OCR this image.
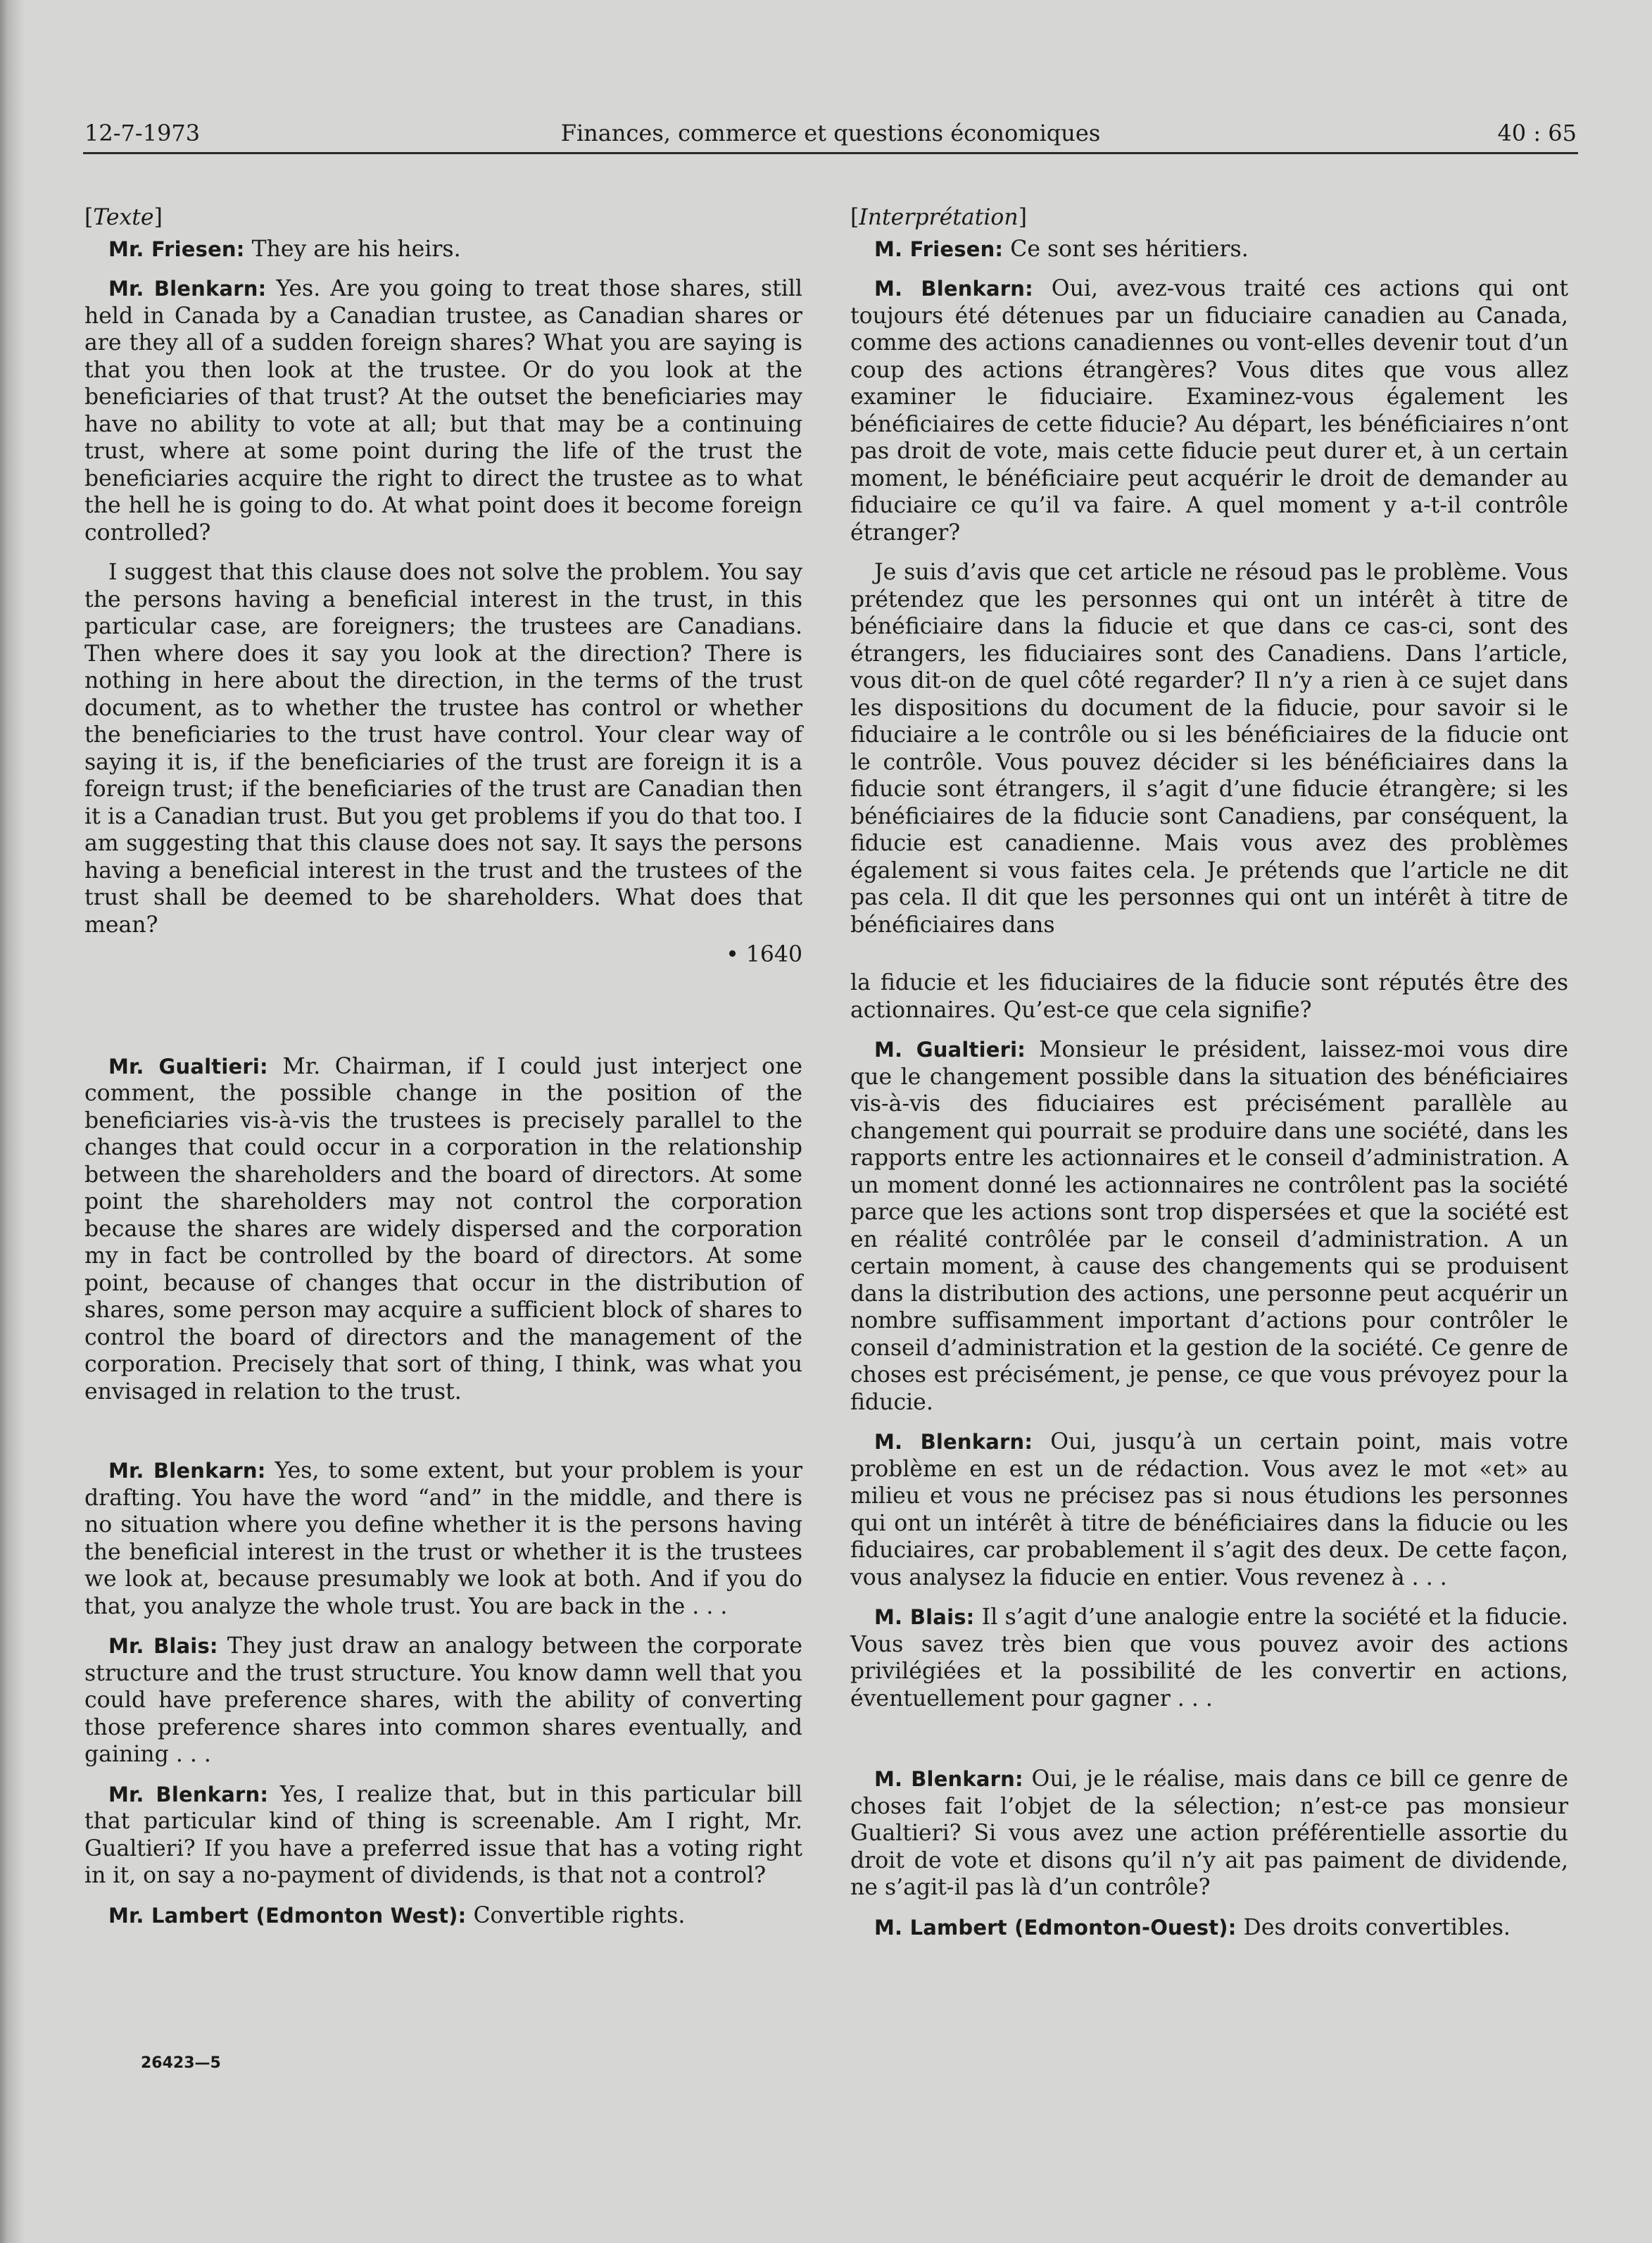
12-7-1973	Finances, commerce et questions économiques	40 : 65
[Texte]

Mr. Friesen: They are his heirs.

Mr. Blenkarn: Yes. Are you going to treat those shares, still held in Canada by a Canadian trustee, as Canadian shares or are they all of a sudden foreign shares? What you are saying is that you then look at the trustee. Or do you look at the beneficiaries of that trust? At the outset the beneficiaries may have no ability to vote at all; but that may be a continuing trust, where at some point during the life of the trust the beneficiaries acquire the right to direct the trustee as to what the hell he is going to do. At what point does it become foreign controlled?

I suggest that this clause does not solve the problem. You say the persons having a beneficial interest in the trust, in this particular case, are foreigners; the trustees are Canadians. Then where does it say you look at the direction? There is nothing in here about the direction, in the terms of the trust document, as to whether the trustee has control or whether the beneficiaries to the trust have control. Your clear way of saying it is, if the beneficiaries of the trust are foreign it is a foreign trust; if the beneficiaries of the trust are Canadian then it is a Canadian trust. But you get problems if you do that too. I am suggesting that this clause does not say. It says the persons having a beneficial interest in the trust and the trustees of the trust shall be deemed to be shareholders. What does that mean?

• 1640

Mr. Gualtieri: Mr. Chairman, if I could just interject one comment, the possible change in the position of the beneficiaries vis-à-vis the trustees is precisely parallel to the changes that could occur in a corporation in the relationship between the shareholders and the board of directors. At some point the shareholders may not control the corporation because the shares are widely dispersed and the corporation my in fact be controlled by the board of directors. At some point, because of changes that occur in the distribution of shares, some person may acquire a sufficient block of shares to control the board of directors and the management of the corporation. Precisely that sort of thing, I think, was what you envisaged in relation to the trust.

Mr. Blenkarn: Yes, to some extent, but your problem is your drafting. You have the word “and” in the middle, and there is no situation where you define whether it is the persons having the beneficial interest in the trust or whether it is the trustees we look at, because presumably we look at both. And if you do that, you analyze the whole trust. You are back in the . . .

Mr. Blais: They just draw an analogy between the corporate structure and the trust structure. You know damn well that you could have preference shares, with the ability of converting those preference shares into common shares eventually, and gaining . . .

Mr. Blenkarn: Yes, I realize that, but in this particular bill that particular kind of thing is screenable. Am I right, Mr. Gualtieri? If you have a preferred issue that has a voting right in it, on say a no-payment of dividends, is that not a control?

Mr. Lambert (Edmonton West): Convertible rights.

[Interprétation]

M. Friesen: Ce sont ses héritiers.

M. Blenkarn: Oui, avez-vous traité ces actions qui ont toujours été détenues par un fiduciaire canadien au Canada, comme des actions canadiennes ou vont-elles devenir tout d’un coup des actions étrangères? Vous dites que vous allez examiner le fiduciaire. Examinez-vous également les bénéficiaires de cette fiducie? Au départ, les bénéficiaires n’ont pas droit de vote, mais cette fiducie peut durer et, à un certain moment, le bénéficiaire peut acquérir le droit de demander au fiduciaire ce qu’il va faire. A quel moment y a-t-il contrôle étranger?

Je suis d’avis que cet article ne résoud pas le problème. Vous prétendez que les personnes qui ont un intérêt à titre de bénéficiaire dans la fiducie et que dans ce cas-ci, sont des étrangers, les fiduciaires sont des Canadiens. Dans l’article, vous dit-on de quel côté regarder? Il n’y a rien à ce sujet dans les dispositions du document de la fiducie, pour savoir si le fiduciaire a le contrôle ou si les bénéficiaires de la fiducie ont le contrôle. Vous pouvez décider si les bénéficiaires dans la fiducie sont étrangers, il s’agit d’une fiducie étrangère; si les bénéficiaires de la fiducie sont Canadiens, par conséquent, la fiducie est canadienne. Mais vous avez des problèmes également si vous faites cela. Je prétends que l’article ne dit pas cela. Il dit que les personnes qui ont un intérêt à titre de bénéficiaires dans

la fiducie et les fiduciaires de la fiducie sont réputés être des actionnaires. Qu’est-ce que cela signifie?

M. Gualtieri: Monsieur le président, laissez-moi vous dire que le changement possible dans la situation des bénéficiaires vis-à-vis des fiduciaires est précisément parallèle au changement qui pourrait se produire dans une société, dans les rapports entre les actionnaires et le conseil d’administration. A un moment donné les actionnaires ne contrôlent pas la société parce que les actions sont trop dispersées et que la société est en réalité contrôlée par le conseil d’administration. A un certain moment, à cause des changements qui se produisent dans la distribution des actions, une personne peut acquérir un nombre suffisamment important d’actions pour contrôler le conseil d’administration et la gestion de la société. Ce genre de choses est précisément, je pense, ce que vous prévoyez pour la fiducie.

M. Blenkarn: Oui, jusqu’à un certain point, mais votre problème en est un de rédaction. Vous avez le mot «et» au milieu et vous ne précisez pas si nous étudions les personnes qui ont un intérêt à titre de bénéficiaires dans la fiducie ou les fiduciaires, car probablement il s’agit des deux. De cette façon, vous analysez la fiducie en entier. Vous revenez à . . .

M. Blais: Il s’agit d’une analogie entre la société et la fiducie. Vous savez très bien que vous pouvez avoir des actions privilégiées et la possibilité de les convertir en actions, éventuellement pour gagner . . .

M. Blenkarn: Oui, je le réalise, mais dans ce bill ce genre de choses fait l’objet de la sélection; n’est-ce pas monsieur Gualtieri? Si vous avez une action préférentielle assortie du droit de vote et disons qu’il n’y ait pas paiment de dividende, ne s’agit-il pas là d’un contrôle?

M. Lambert (Edmonton-Ouest): Des droits convertibles.

26423—5
